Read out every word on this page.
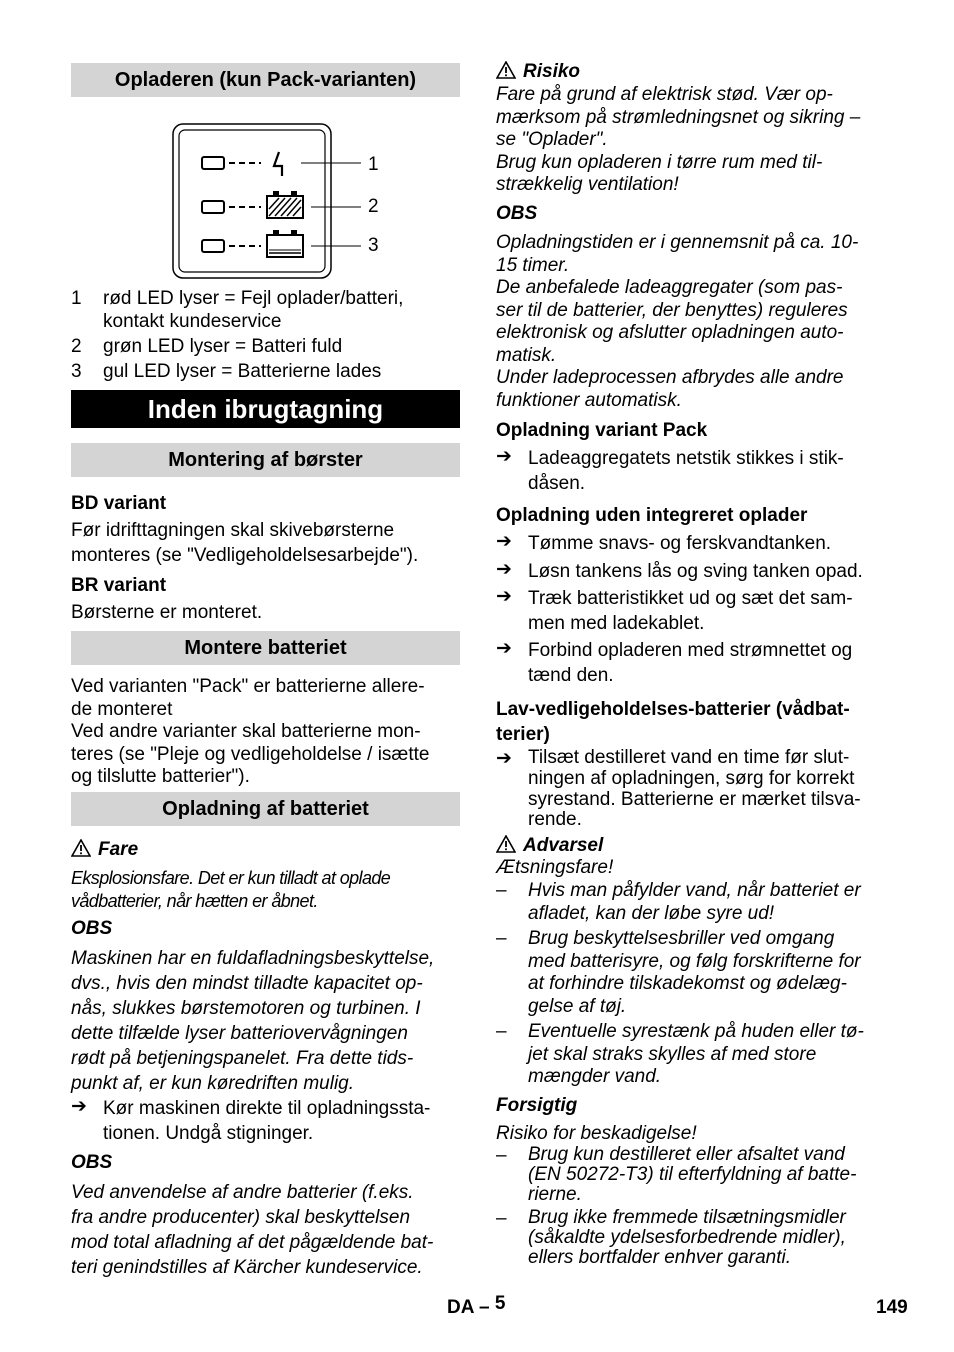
Opladeren (kun Pack-varianten)
1
2
3
1 rød LED lyser = Fejl oplader/batteri,
kontakt kundeservice
2 grøn LED lyser = Batteri fuld
3 gul LED lyser = Batterierne lades
Inden ibrugtagning
Montering af børster
BD variant
Før idrifttagningen skal skivebørsterne
monteres (se "Vedligeholdelsesarbejde").
BR variant
Børsterne er monteret.
Montere batteriet
Ved varianten "Pack" er batterierne allere-
de monteret
Ved andre varianter skal batterierne mon-
teres (se "Pleje og vedligeholdelse / isætte
og tilslutte batterier").
Opladning af batteriet
Fare
Eksplosionsfare. Det er kun tilladt at oplade
vådbatterier, når hætten er åbnet.
OBS
Maskinen har en fuldafladningsbeskyttelse,
dvs., hvis den mindst tilladte kapacitet op-
nås, slukkes børstemotoren og turbinen. I
dette tilfælde lyser batteriovervågningen
rødt på betjeningspanelet. Fra dette tids-
punkt af, er kun køredriften mulig.
➔ Kør maskinen direkte til opladningssta-
tionen. Undgå stigninger.
OBS
Ved anvendelse af andre batterier (f.eks.
fra andre producenter) skal beskyttelsen
mod total afladning af det pågældende bat-
teri genindstilles af Kärcher kundeservice.
Risiko
Fare på grund af elektrisk stød. Vær op-
mærksom på strømledningsnet og sikring –
se "Oplader".
Brug kun opladeren i tørre rum med til-
strækkelig ventilation!
OBS
Opladningstiden er i gennemsnit på ca. 10-
15 timer.
De anbefalede ladeaggregater (som pas-
ser til de batterier, der benyttes) reguleres
elektronisk og afslutter opladningen auto-
matisk.
Under ladeprocessen afbrydes alle andre
funktioner automatisk.
Opladning variant Pack
➔ Ladeaggregatets netstik stikkes i stik-
dåsen.
Opladning uden integreret oplader
➔ Tømme snavs- og ferskvandtanken.
➔ Løsn tankens lås og sving tanken opad.
➔ Træk batteristikket ud og sæt det sam-
men med ladekablet.
➔ Forbind opladeren med strømnettet og
tænd den.
Lav-vedligeholdelses-batterier (vådbat-
terier)
➔ Tilsæt destilleret vand en time før slut-
ningen af opladningen, sørg for korrekt
syrestand. Batterierne er mærket tilsva-
rende.
Advarsel
Ætsningsfare!
– Hvis man påfylder vand, når batteriet er
afladet, kan der løbe syre ud!
– Brug beskyttelsesbriller ved omgang
med batterisyre, og følg forskrifterne for
at forhindre tilskadekomst og ødelæg-
gelse af tøj.
– Eventuelle syrestænk på huden eller tø-
jet skal straks skylles af med store
mængder vand.
Forsigtig
Risiko for beskadigelse!
– Brug kun destilleret eller afsaltet vand
(EN 50272-T3) til efterfyldning af batte-
rierne.
– Brug ikke fremmede tilsætningsmidler
(såkaldte ydelsesforbedrende midler),
ellers bortfalder enhver garanti.
DA – 5	149
